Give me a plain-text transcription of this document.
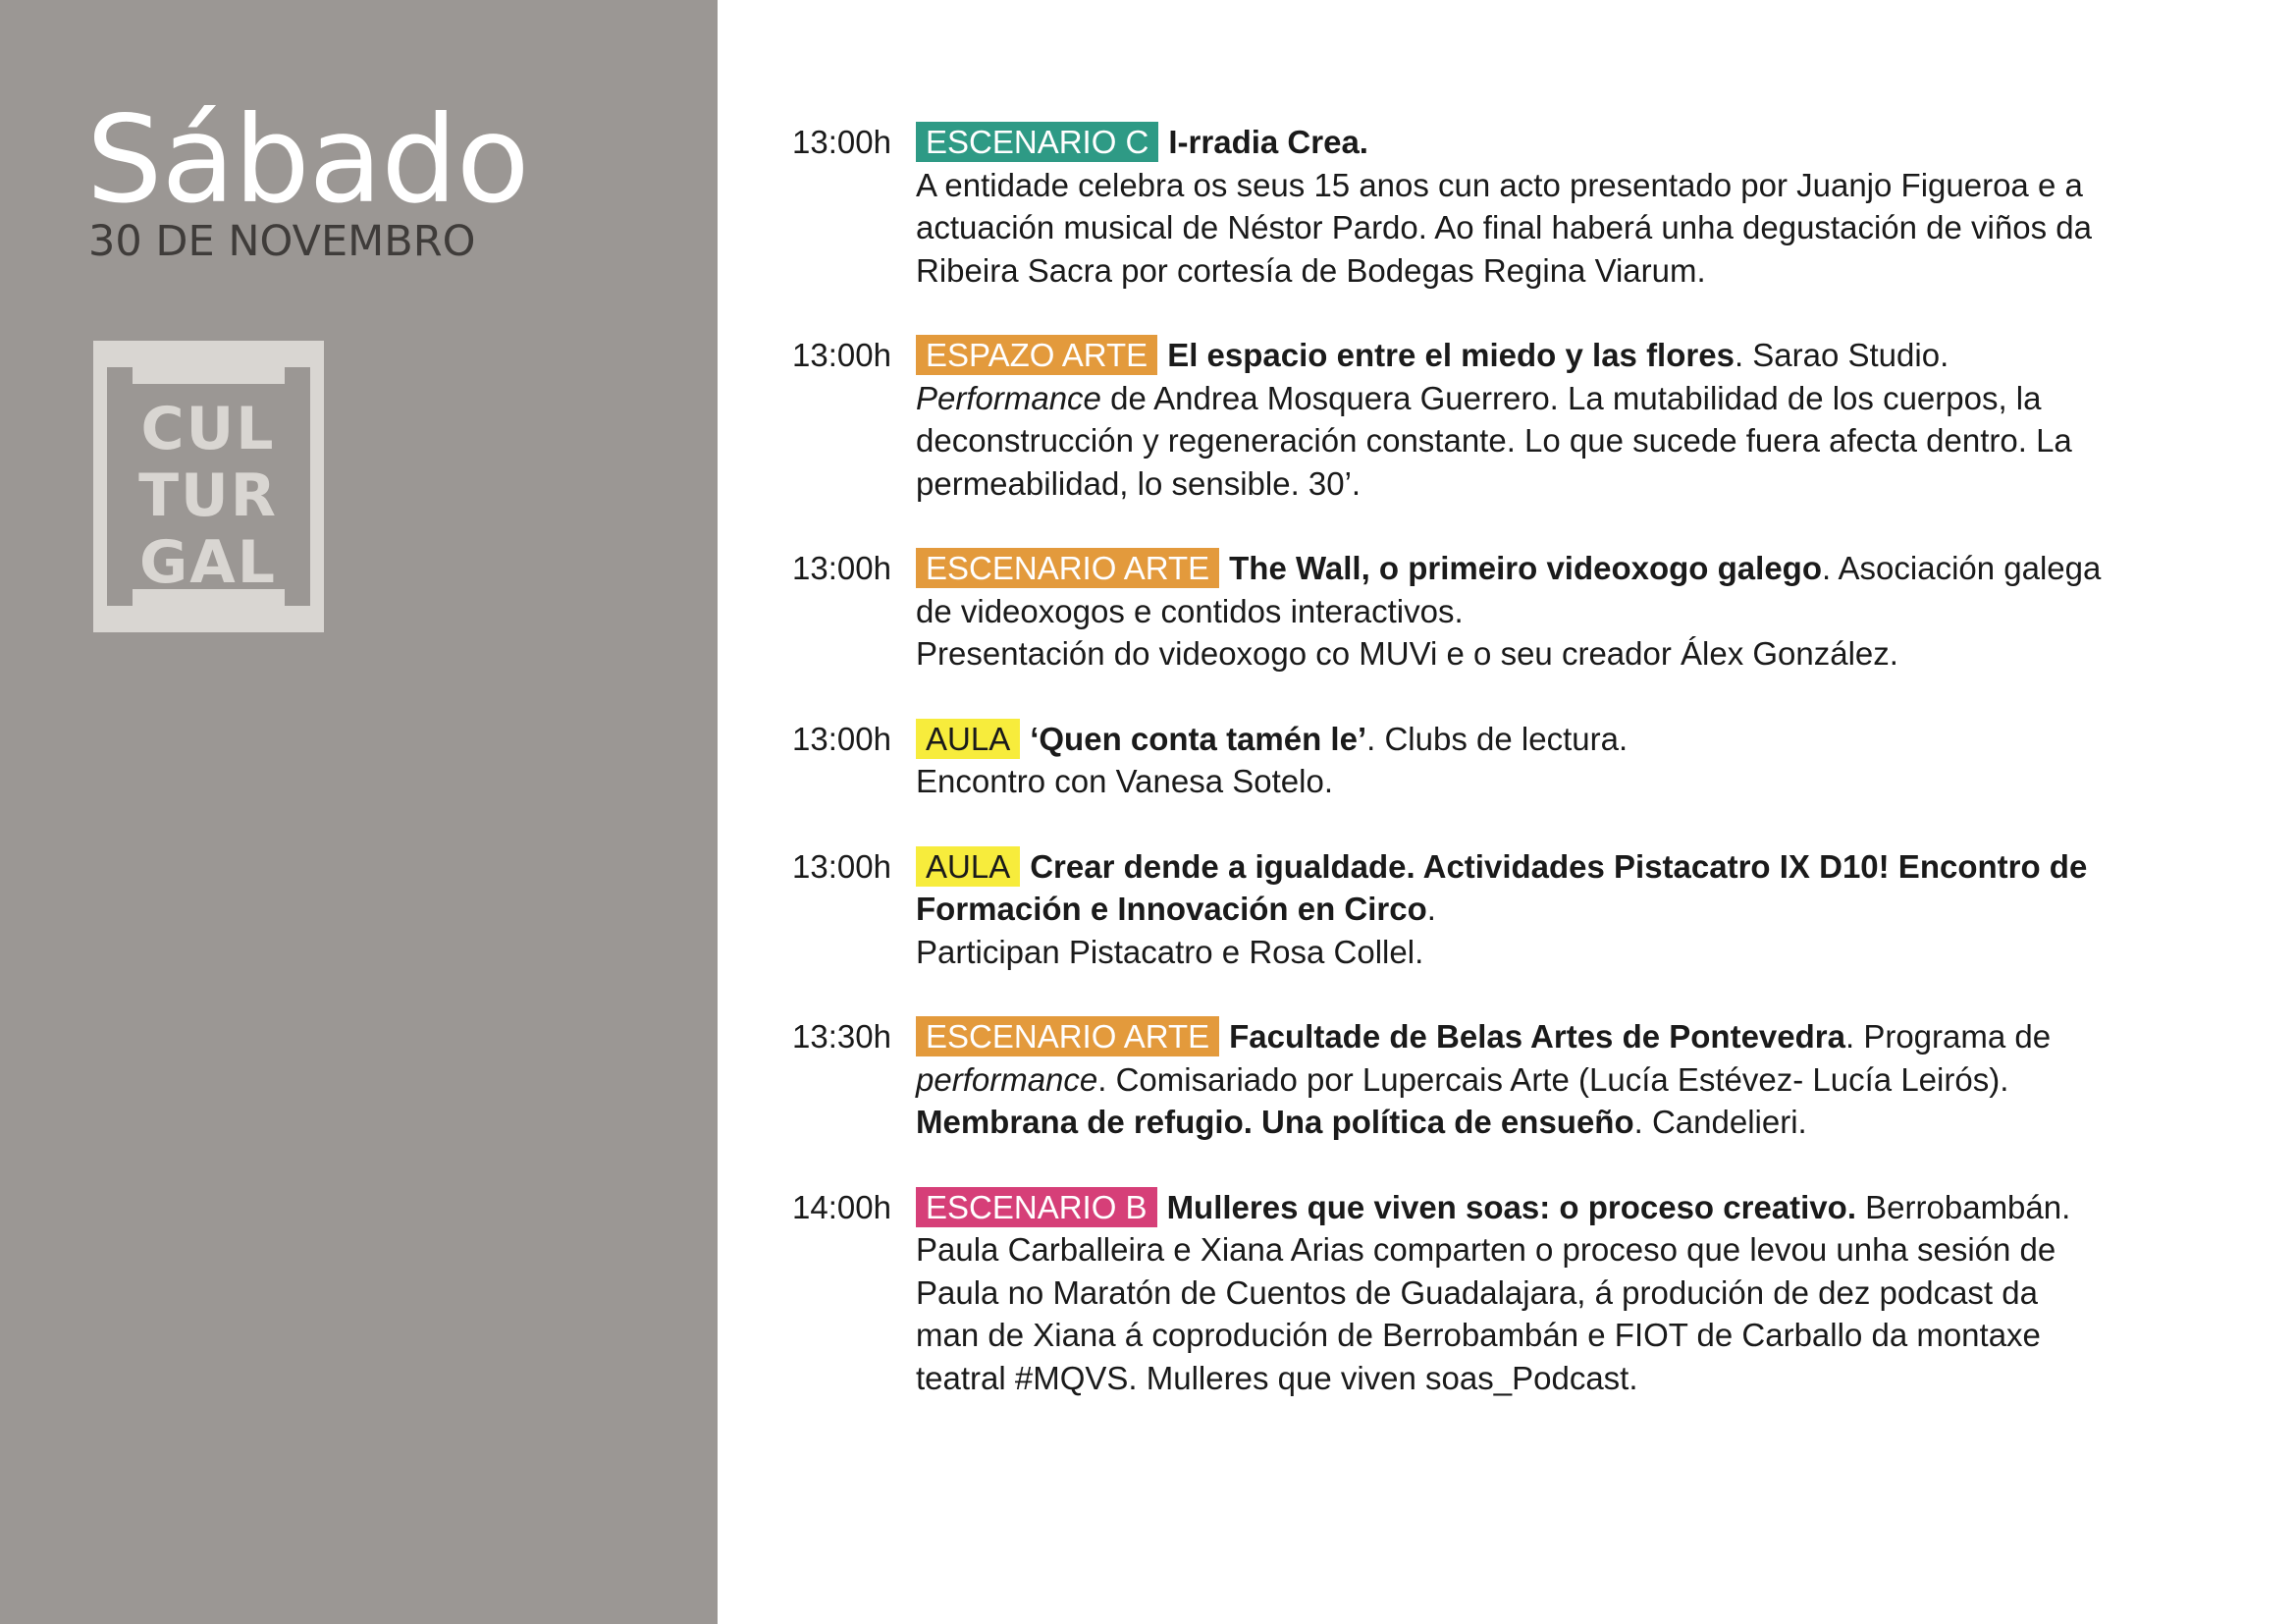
Sábado
30 DE NOVEMBRO
CUL
TUR
GAL
13:00h	ESCENARIO C I-rradia Crea.
A entidade celebra os seus 15 anos cun acto presentado por Juanjo Figueroa e a
actuación musical de Néstor Pardo. Ao final haberá unha degustación de viños da
Ribeira Sacra por cortesía de Bodegas Regina Viarum.
13:00h	ESPAZO ARTE El espacio entre el miedo y las flores. Sarao Studio.
Performance de Andrea Mosquera Guerrero. La mutabilidad de los cuerpos, la
deconstrucción y regeneración constante. Lo que sucede fuera afecta dentro. La
permeabilidad, lo sensible. 30’.
13:00h	ESCENARIO ARTE The Wall, o primeiro videoxogo galego. Asociación galega
de videoxogos e contidos interactivos.
Presentación do videoxogo co MUVi e o seu creador Álex González.
13:00h	AULA ‘Quen conta tamén le’. Clubs de lectura.
Encontro con Vanesa Sotelo.
13:00h	AULA Crear dende a igualdade. Actividades Pistacatro IX D10! Encontro de
Formación e Innovación en Circo.
Participan Pistacatro e Rosa Collel.
13:30h	ESCENARIO ARTE Facultade de Belas Artes de Pontevedra. Programa de
performance. Comisariado por Lupercais Arte (Lucía Estévez- Lucía Leirós).
Membrana de refugio. Una política de ensueño. Candelieri.
14:00h	ESCENARIO B Mulleres que viven soas: o proceso creativo. Berrobambán.
Paula Carballeira e Xiana Arias comparten o proceso que levou unha sesión de
Paula no Maratón de Cuentos de Guadalajara, á produción de dez podcast da
man de Xiana á coprodución de Berrobambán e FIOT de Carballo da montaxe
teatral #MQVS. Mulleres que viven soas_Podcast.
